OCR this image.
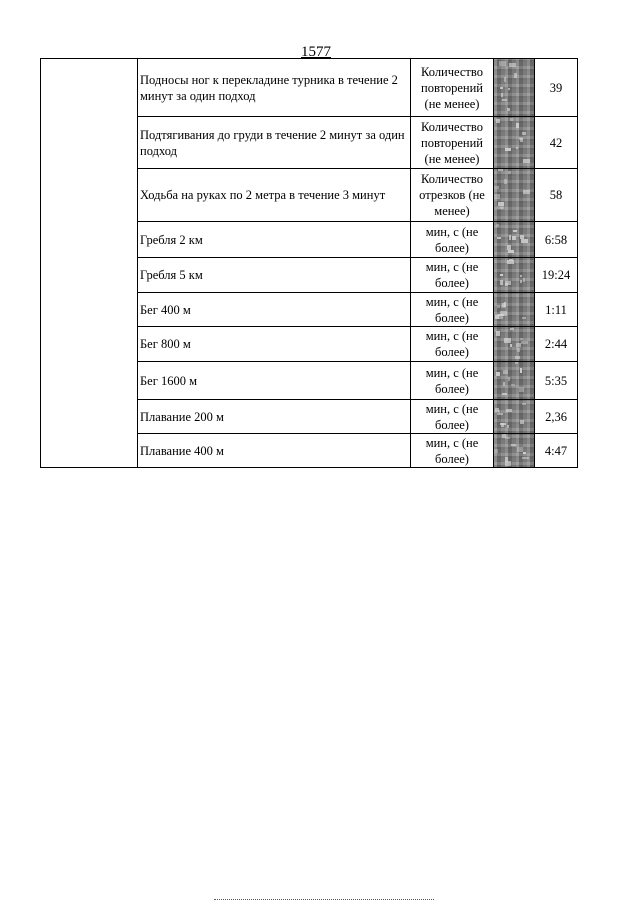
1577
	Подносы ног к перекладине турника в течение 2 минут за один подход	Количество повторений (не менее)		39
	Подтягивания до груди в течение 2 минут за один подход	Количество повторений (не менее)		42
	Ходьба на руках по 2 метра в течение 3 минут	Количество отрезков (не менее)		58
	Гребля 2 км	мин, с (не более)		6:58
	Гребля 5 км	мин, с (не более)		19:24
	Бег 400 м	мин, с (не более)		1:11
	Бег 800 м	мин, с (не более)		2:44
	Бег 1600 м	мин, с (не более)		5:35
	Плавание 200 м	мин, с (не более)		2,36
	Плавание 400 м	мин, с (не более)		4:47
